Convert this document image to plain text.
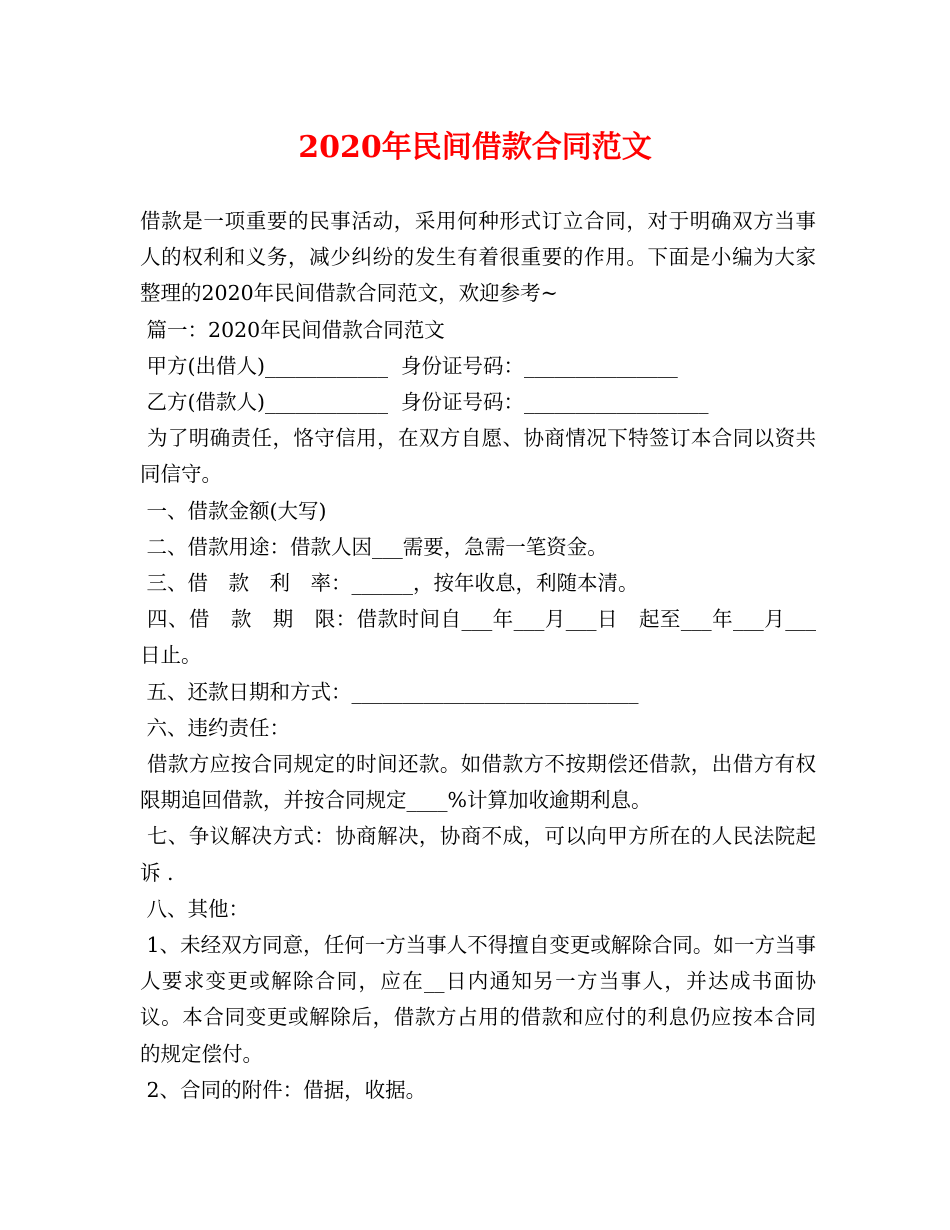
2020年民间借款合同范文

借款是一项重要的民事活动，采用何种形式订立合同，对于明确双方当事人的权利和义务，减少纠纷的发生有着很重要的作用。下面是小编为大家整理的2020年民间借款合同范文，欢迎参考~

篇一：2020年民间借款合同范文

甲方(出借人)____________  身份证号码：_______________

乙方(借款人)____________  身份证号码：__________________

为了明确责任，恪守信用，在双方自愿、协商情况下特签订本合同以资共同信守。

一、借款金额(大写)

二、借款用途：借款人因___需要，急需一笔资金。

三、借　款　利　率：______，按年收息，利随本清。

四、借　款　期　限：借款时间自___年___月___日　起至___年___月___日止。

五、还款日期和方式：____________________________

六、违约责任：

借款方应按合同规定的时间还款。如借款方不按期偿还借款，出借方有权限期追回借款，并按合同规定____%计算加收逾期利息。

七、争议解决方式：协商解决，协商不成，可以向甲方所在的人民法院起诉 .

八、其他：

1、未经双方同意，任何一方当事人不得擅自变更或解除合同。如一方当事人要求变更或解除合同，应在__日内通知另一方当事人，并达成书面协议。本合同变更或解除后，借款方占用的借款和应付的利息仍应按本合同的规定偿付。

2、合同的附件：借据，收据。
